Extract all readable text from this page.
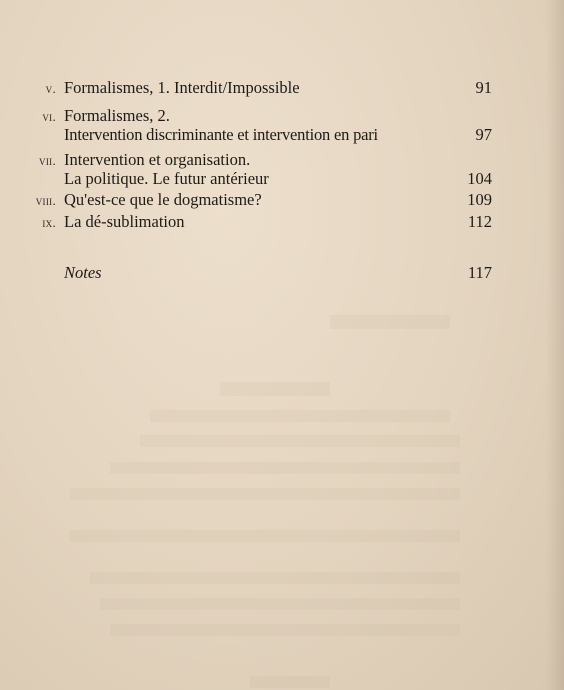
v. Formalismes, 1. Interdit/Impossible	91
vi. Formalismes, 2.
Intervention discriminante et intervention en pari	97
vii. Intervention et organisation.
La politique. Le futur antérieur	104
viii. Qu'est-ce que le dogmatisme?	109
ix. La dé-sublimation	112
Notes	117
